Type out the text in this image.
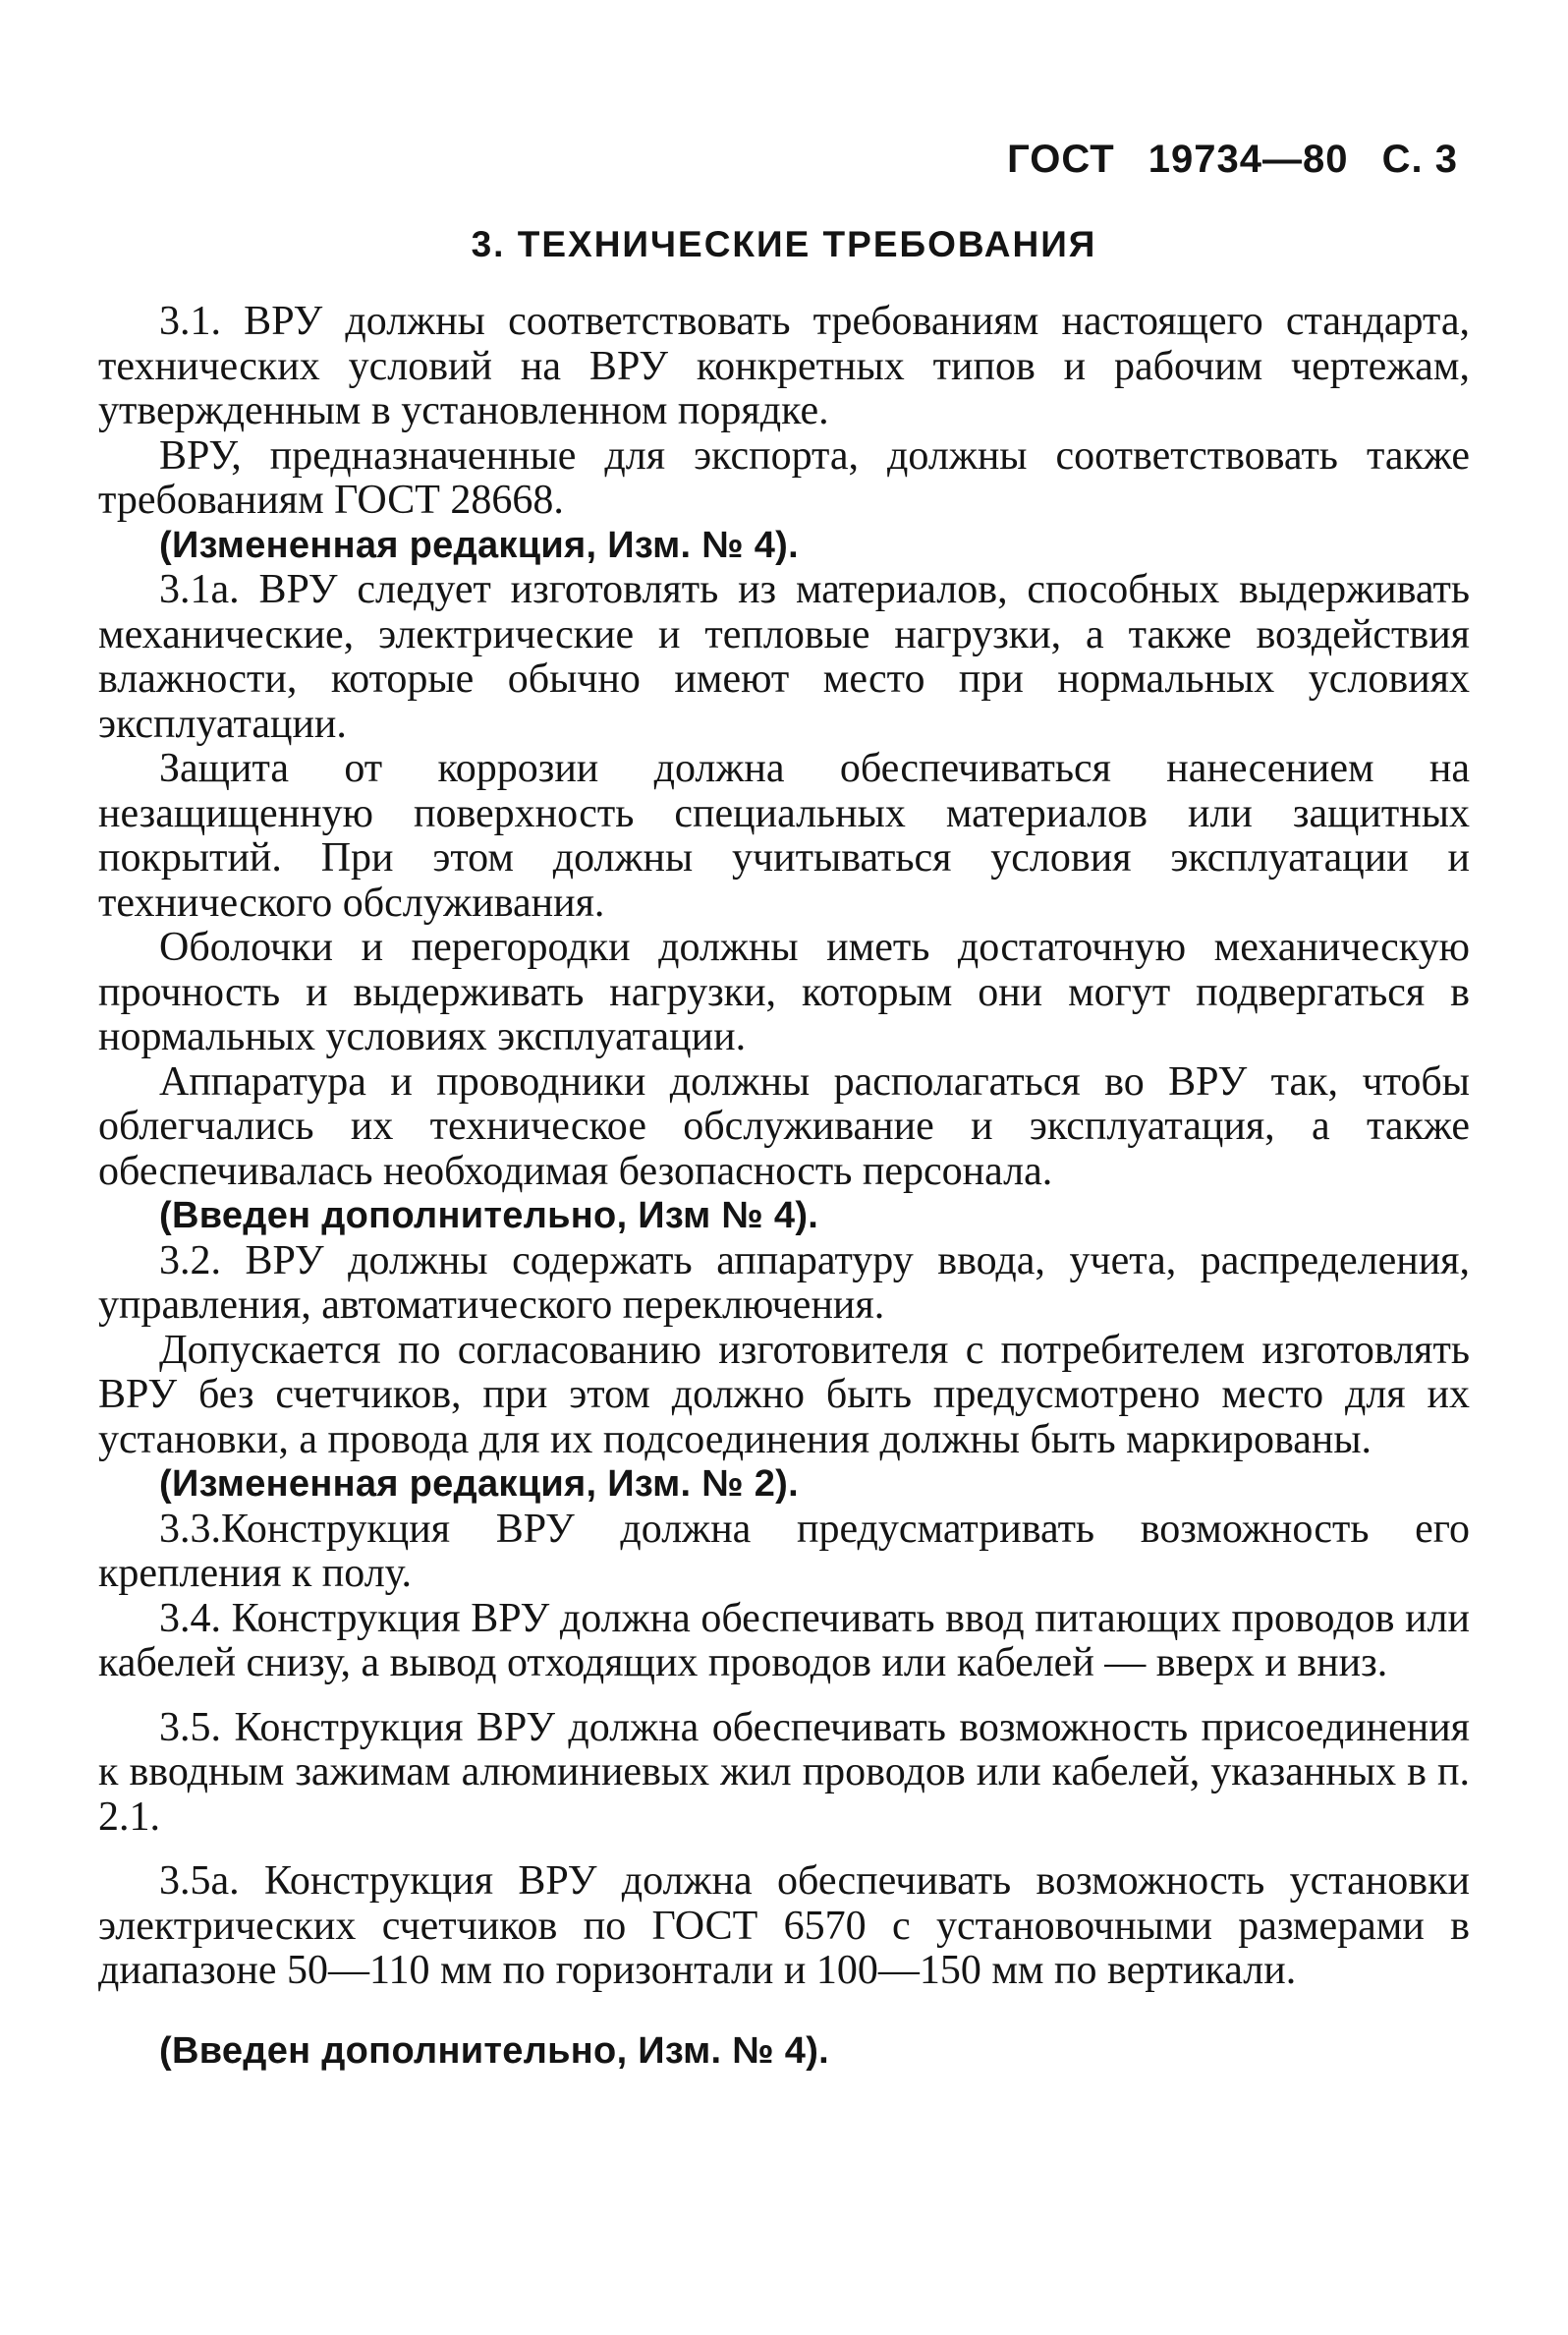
ГОСТ 19734—80 С. 3
3. ТЕХНИЧЕСКИЕ ТРЕБОВАНИЯ

3.1. ВРУ должны соответствовать требованиям настоящего стандарта, технических условий на ВРУ конкретных типов и рабочим чертежам, утвержденным в установленном порядке.

ВРУ, предназначенные для экспорта, должны соответствовать также требованиям ГОСТ 28668.

(Измененная редакция, Изм. № 4).

3.1а. ВРУ следует изготовлять из материалов, способных выдерживать механические, электрические и тепловые нагрузки, а также воздействия влажности, которые обычно имеют место при нормальных условиях эксплуатации.

Защита от коррозии должна обеспечиваться нанесением на незащищенную поверхность специальных материалов или защитных покрытий. При этом должны учитываться условия эксплуатации и технического обслуживания.

Оболочки и перегородки должны иметь достаточную механическую прочность и выдерживать нагрузки, которым они могут подвергаться в нормальных условиях эксплуатации.

Аппаратура и проводники должны располагаться во ВРУ так, чтобы облегчались их техническое обслуживание и эксплуатация, а также обеспечивалась необходимая безопасность персонала.

(Введен дополнительно, Изм № 4).

3.2. ВРУ должны содержать аппаратуру ввода, учета, распределения, управления, автоматического переключения.

Допускается по согласованию изготовителя с потребителем изготовлять ВРУ без счетчиков, при этом должно быть предусмотрено место для их установки, а провода для их подсоединения должны быть маркированы.

(Измененная редакция, Изм. № 2).

3.3.Конструкция ВРУ должна предусматривать возможность его крепления к полу.

3.4. Конструкция ВРУ должна обеспечивать ввод питающих проводов или кабелей снизу, а вывод отходящих проводов или кабелей — вверх и вниз.

3.5. Конструкция ВРУ должна обеспечивать возможность присоединения к вводным зажимам алюминиевых жил проводов или кабелей, указанных в п. 2.1.

3.5а. Конструкция ВРУ должна обеспечивать возможность установки электрических счетчиков по ГОСТ 6570 с установочными размерами в диапазоне 50—110 мм по горизонтали и 100—150 мм по вертикали.

(Введен дополнительно, Изм. № 4).
